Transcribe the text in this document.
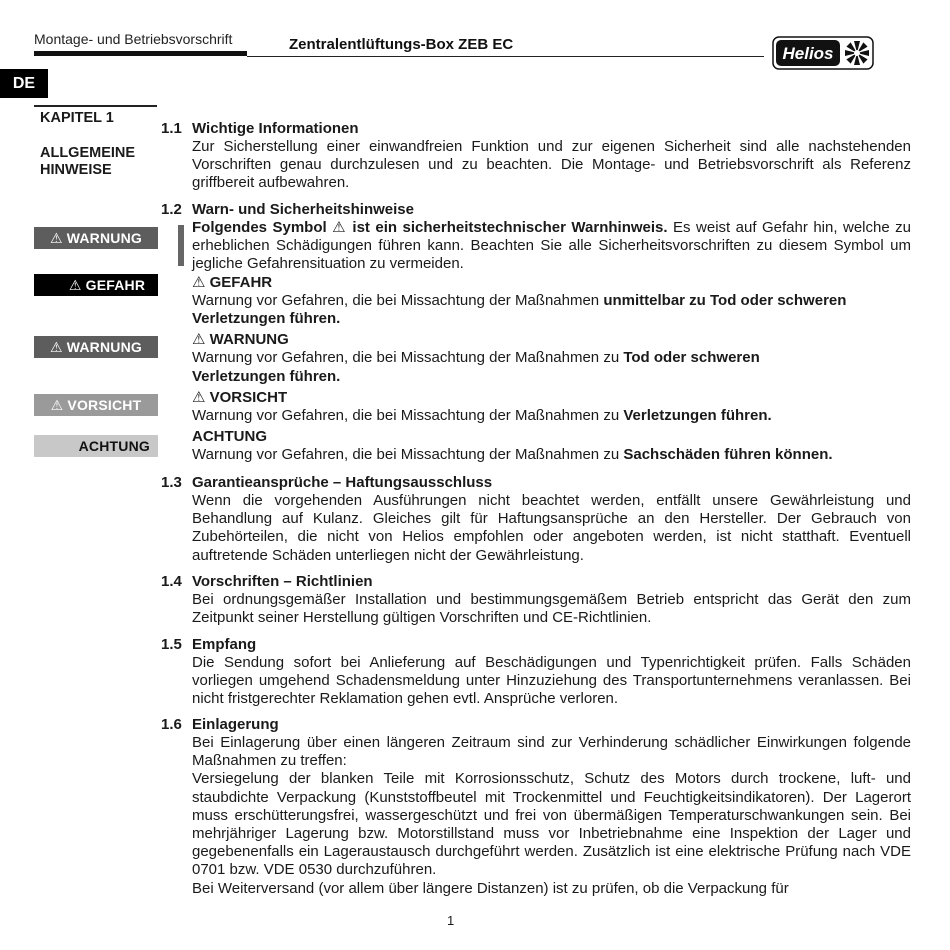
Montage- und Betriebsvorschrift	Zentralentlüftungs-Box ZEB EC	Helios
DE
KAPITEL 1
ALLGEMEINE HINWEISE
⚠ WARNUNG
⚠ GEFAHR
⚠ WARNUNG
⚠ VORSICHT
ACHTUNG
1.1 Wichtige Informationen
Zur Sicherstellung einer einwandfreien Funktion und zur eigenen Sicherheit sind alle nachstehenden Vorschriften genau durchzulesen und zu beachten. Die Montage- und Betriebsvorschrift als Referenz griffbereit aufbewahren.
1.2 Warn- und Sicherheitshinweise
Folgendes Symbol ⚠ ist ein sicherheitstechnischer Warnhinweis. Es weist auf Gefahr hin, welche zu erheblichen Schädigungen führen kann. Beachten Sie alle Sicherheitsvorschriften zu diesem Symbol um jegliche Gefahrensituation zu vermeiden.
⚠ GEFAHR
Warnung vor Gefahren, die bei Missachtung der Maßnahmen unmittelbar zu Tod oder schweren Verletzungen führen.
⚠ WARNUNG
Warnung vor Gefahren, die bei Missachtung der Maßnahmen zu Tod oder schweren Verletzungen führen.
⚠ VORSICHT
Warnung vor Gefahren, die bei Missachtung der Maßnahmen zu Verletzungen führen.
ACHTUNG
Warnung vor Gefahren, die bei Missachtung der Maßnahmen zu Sachschäden führen können.
1.3 Garantieansprüche – Haftungsausschluss
Wenn die vorgehenden Ausführungen nicht beachtet werden, entfällt unsere Gewährleistung und Behandlung auf Kulanz. Gleiches gilt für Haftungsansprüche an den Hersteller. Der Gebrauch von Zubehörteilen, die nicht von Helios empfohlen oder angeboten werden, ist nicht statthaft. Eventuell auftretende Schäden unterliegen nicht der Gewährleistung.
1.4 Vorschriften – Richtlinien
Bei ordnungsgemäßer Installation und bestimmungsgemäßem Betrieb entspricht das Gerät den zum Zeitpunkt seiner Herstellung gültigen Vorschriften und CE-Richtlinien.
1.5 Empfang
Die Sendung sofort bei Anlieferung auf Beschädigungen und Typenrichtigkeit prüfen. Falls Schäden vorliegen umgehend Schadensmeldung unter Hinzuziehung des Transportunternehmens veranlassen. Bei nicht fristgerechter Reklamation gehen evtl. Ansprüche verloren.
1.6 Einlagerung
Bei Einlagerung über einen längeren Zeitraum sind zur Verhinderung schädlicher Einwirkungen folgende Maßnahmen zu treffen:
Versiegelung der blanken Teile mit Korrosionsschutz, Schutz des Motors durch trockene, luft- und staubdichte Verpackung (Kunststoffbeutel mit Trockenmittel und Feuchtigkeitsindikatoren). Der Lagerort muss erschütterungsfrei, wassergeschützt und frei von übermäßigen Temperaturschwankungen sein. Bei mehrjähriger Lagerung bzw. Motorstillstand muss vor Inbetriebnahme eine Inspektion der Lager und gegebenenfalls ein Lageraustausch durchgeführt werden. Zusätzlich ist eine elektrische Prüfung nach VDE 0701 bzw. VDE 0530 durchzuführen.
Bei Weiterversand (vor allem über längere Distanzen) ist zu prüfen, ob die Verpackung für
1
